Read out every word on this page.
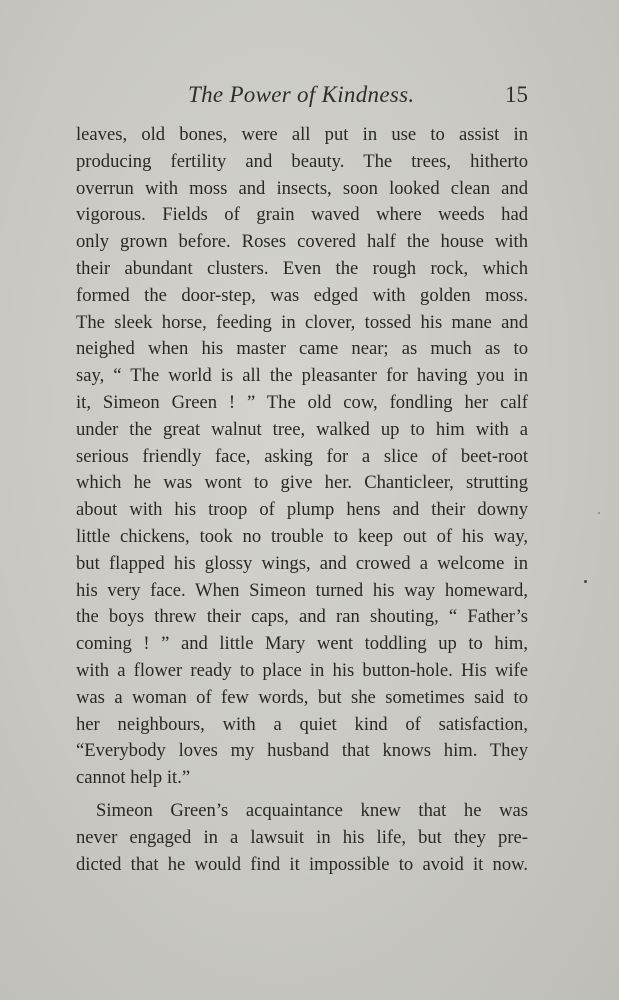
The Power of Kindness.	15

leaves, old bones, were all put in use to assist in
producing fertility and beauty. The trees, hitherto
overrun with moss and insects, soon looked clean and
vigorous. Fields of grain waved where weeds had
only grown before. Roses covered half the house with
their abundant clusters. Even the rough rock, which
formed the door-step, was edged with golden moss.
The sleek horse, feeding in clover, tossed his mane and
neighed when his master came near; as much as to
say, “ The world is all the pleasanter for having you in
it, Simeon Green ! ” The old cow, fondling her calf
under the great walnut tree, walked up to him with a
serious friendly face, asking for a slice of beet-root
which he was wont to give her. Chanticleer, strutting
about with his troop of plump hens and their downy
little chickens, took no trouble to keep out of his way,
but flapped his glossy wings, and crowed a welcome in
his very face. When Simeon turned his way homeward,
the boys threw their caps, and ran shouting, “ Father’s
coming ! ” and little Mary went toddling up to him,
with a flower ready to place in his button-hole. His wife
was a woman of few words, but she sometimes said to
her neighbours, with a quiet kind of satisfaction,
“Everybody loves my husband that knows him. They
cannot help it.”

Simeon Green’s acquaintance knew that he was
never engaged in a lawsuit in his life, but they pre-
dicted that he would find it impossible to avoid it now.
